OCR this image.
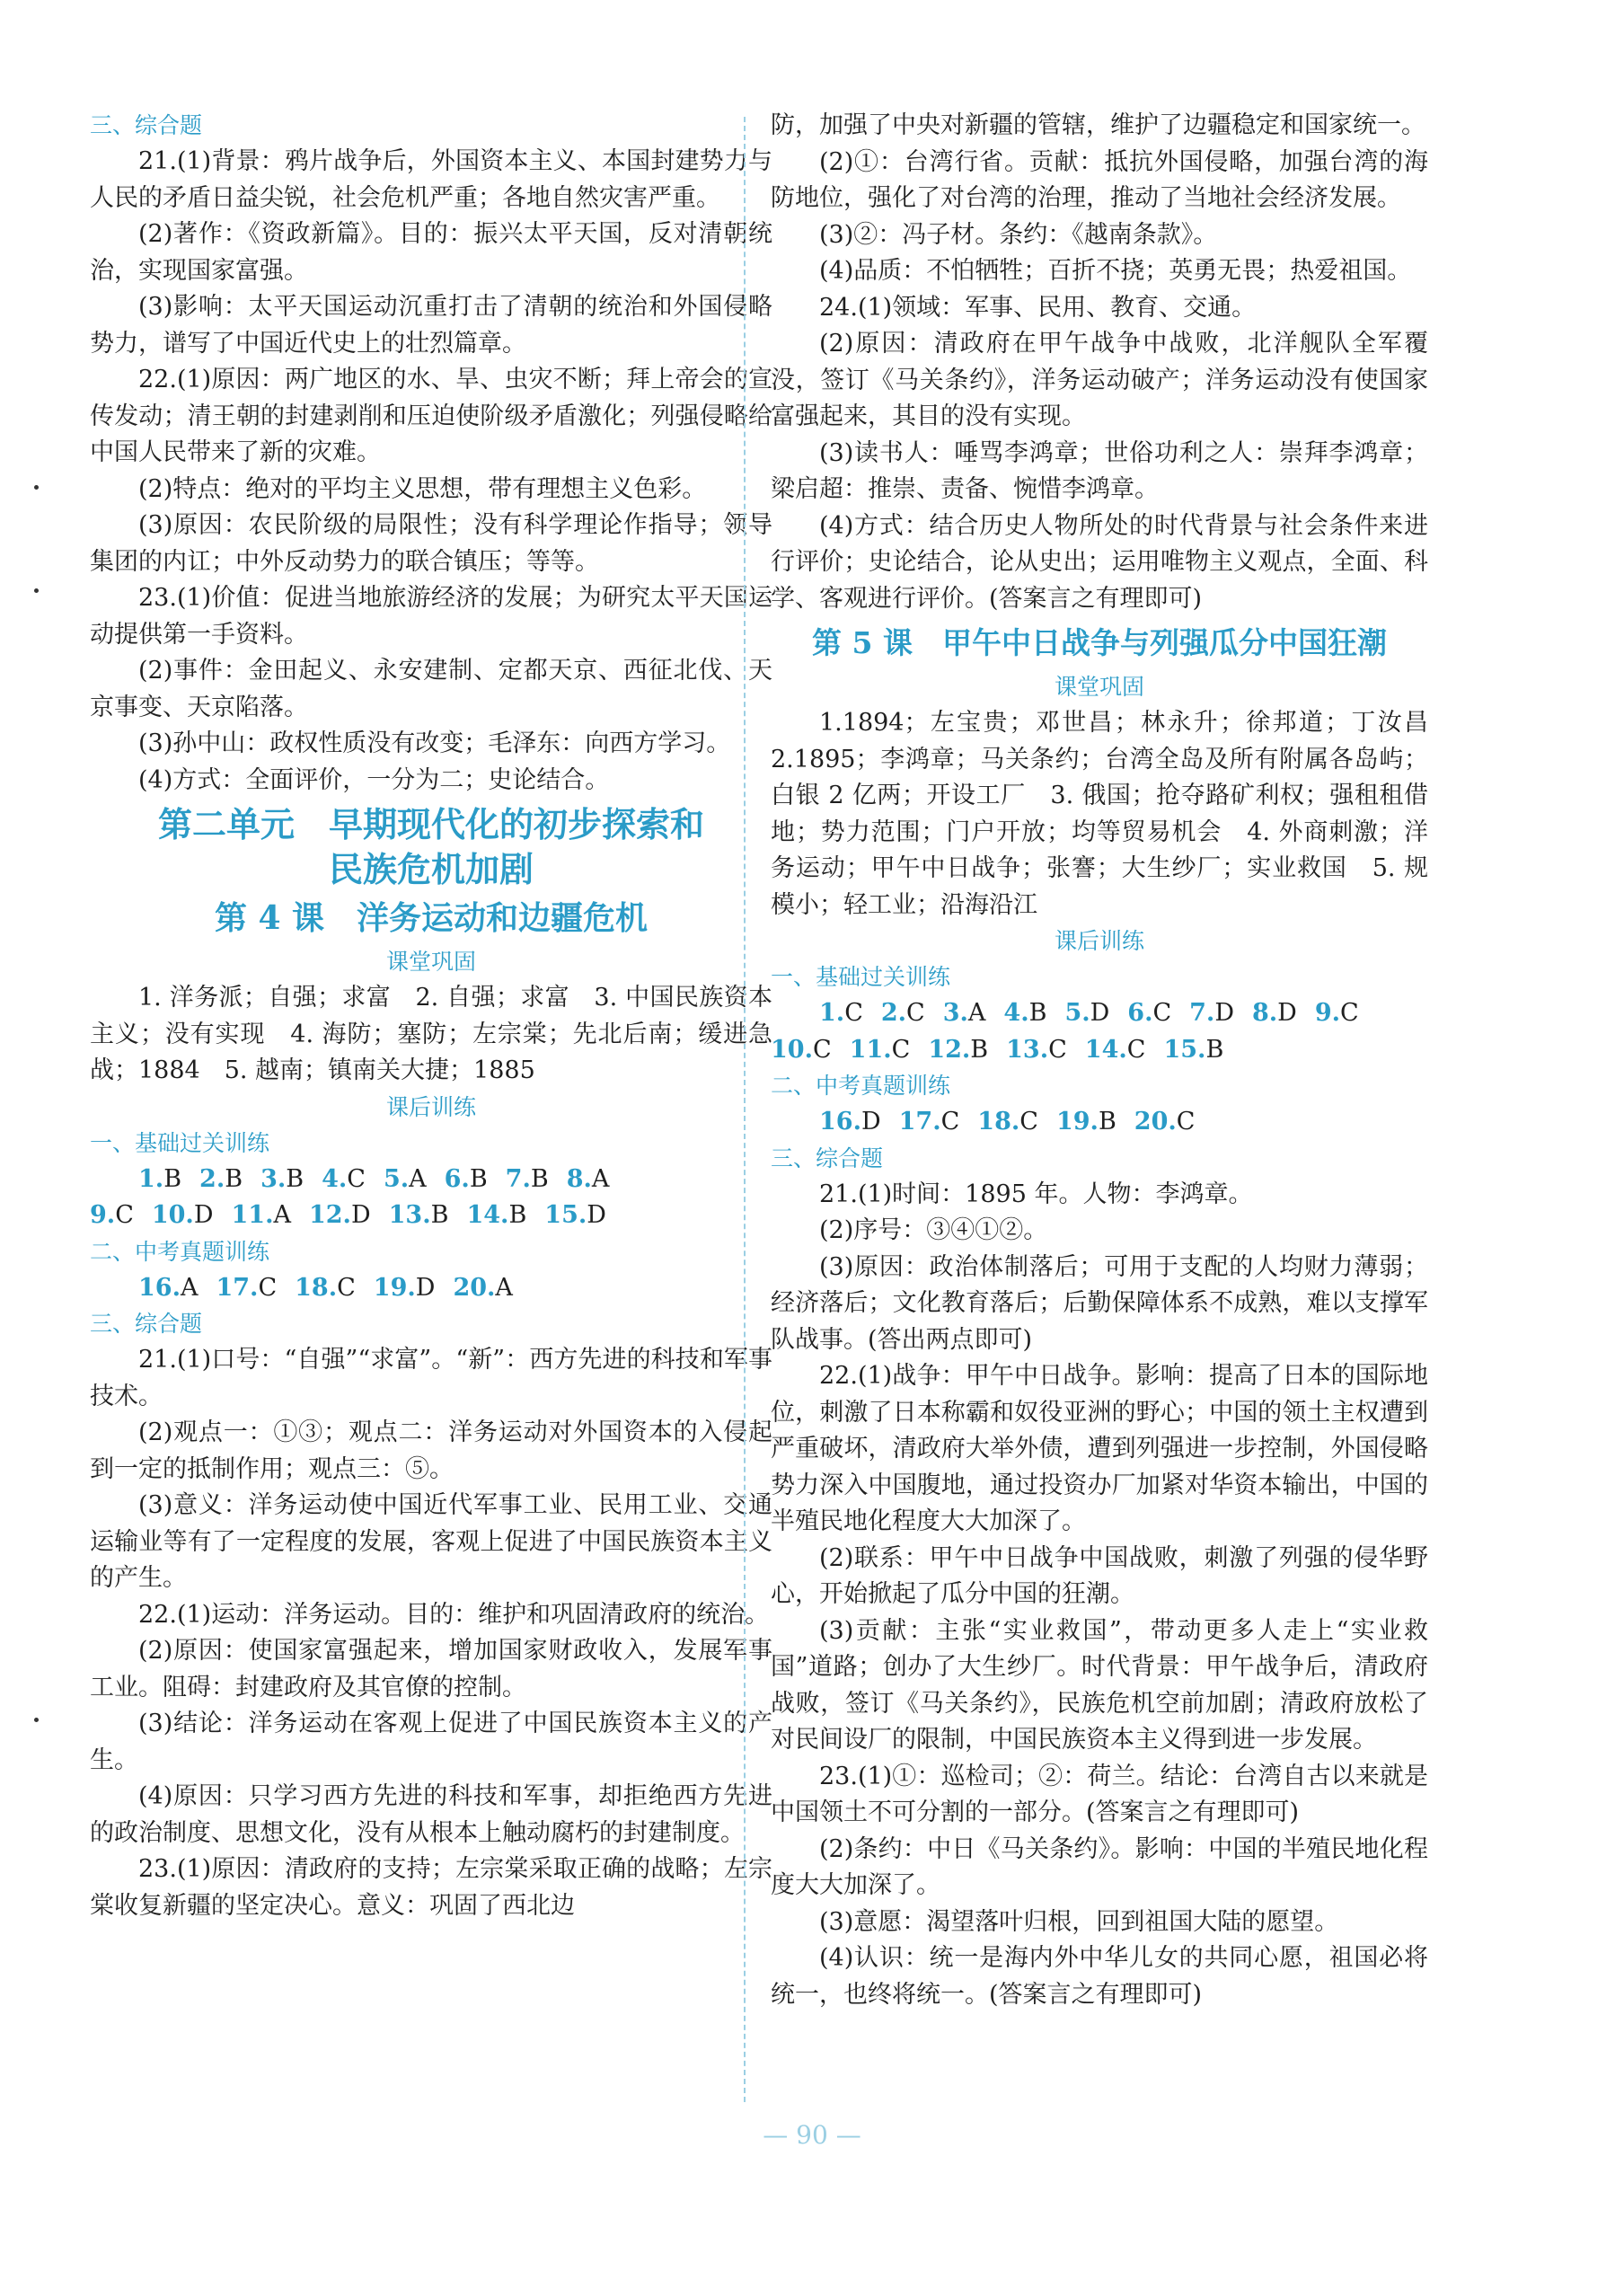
三、综合题

21.(1)背景：鸦片战争后，外国资本主义、本国封建势力与人民的矛盾日益尖锐，社会危机严重；各地自然灾害严重。

(2)著作：《资政新篇》。目的：振兴太平天国，反对清朝统治，实现国家富强。

(3)影响：太平天国运动沉重打击了清朝的统治和外国侵略势力，谱写了中国近代史上的壮烈篇章。

22.(1)原因：两广地区的水、旱、虫灾不断；拜上帝会的宣传发动；清王朝的封建剥削和压迫使阶级矛盾激化；列强侵略给中国人民带来了新的灾难。

(2)特点：绝对的平均主义思想，带有理想主义色彩。

(3)原因：农民阶级的局限性；没有科学理论作指导；领导集团的内讧；中外反动势力的联合镇压；等等。

23.(1)价值：促进当地旅游经济的发展；为研究太平天国运动提供第一手资料。

(2)事件：金田起义、永安建制、定都天京、西征北伐、天京事变、天京陷落。

(3)孙中山：政权性质没有改变；毛泽东：向西方学习。

(4)方式：全面评价，一分为二；史论结合。

第二单元　早期现代化的初步探索和

民族危机加剧

第 4 课　洋务运动和边疆危机

课堂巩固

1. 洋务派；自强；求富　2. 自强；求富　3. 中国民族资本主义；没有实现　4. 海防；塞防；左宗棠；先北后南；缓进急战；1884　5. 越南；镇南关大捷；1885

课后训练

一、基础过关训练

1.B 2.B 3.B 4.C 5.A 6.B 7.B 8.A

9.C 10.D 11.A 12.D 13.B 14.B 15.D

二、中考真题训练

16.A 17.C 18.C 19.D 20.A

三、综合题

21.(1)口号：“自强”“求富”。“新”：西方先进的科技和军事技术。

(2)观点一：①③；观点二：洋务运动对外国资本的入侵起到一定的抵制作用；观点三：⑤。

(3)意义：洋务运动使中国近代军事工业、民用工业、交通运输业等有了一定程度的发展，客观上促进了中国民族资本主义的产生。

22.(1)运动：洋务运动。目的：维护和巩固清政府的统治。

(2)原因：使国家富强起来，增加国家财政收入，发展军事工业。阻碍：封建政府及其官僚的控制。

(3)结论：洋务运动在客观上促进了中国民族资本主义的产生。

(4)原因：只学习西方先进的科技和军事，却拒绝西方先进的政治制度、思想文化，没有从根本上触动腐朽的封建制度。

23.(1)原因：清政府的支持；左宗棠采取正确的战略；左宗棠收复新疆的坚定决心。意义：巩固了西北边

防，加强了中央对新疆的管辖，维护了边疆稳定和国家统一。

(2)①：台湾行省。贡献：抵抗外国侵略，加强台湾的海防地位，强化了对台湾的治理，推动了当地社会经济发展。

(3)②：冯子材。条约：《越南条款》。

(4)品质：不怕牺牲；百折不挠；英勇无畏；热爱祖国。

24.(1)领域：军事、民用、教育、交通。

(2)原因：清政府在甲午战争中战败，北洋舰队全军覆没，签订《马关条约》，洋务运动破产；洋务运动没有使国家富强起来，其目的没有实现。

(3)读书人：唾骂李鸿章；世俗功利之人：崇拜李鸿章；梁启超：推崇、责备、惋惜李鸿章。

(4)方式：结合历史人物所处的时代背景与社会条件来进行评价；史论结合，论从史出；运用唯物主义观点，全面、科学、客观进行评价。(答案言之有理即可)

第 5 课　甲午中日战争与列强瓜分中国狂潮

课堂巩固

1.1894；左宝贵；邓世昌；林永升；徐邦道；丁汝昌　2.1895；李鸿章；马关条约；台湾全岛及所有附属各岛屿；白银 2 亿两；开设工厂　3. 俄国；抢夺路矿利权；强租租借地；势力范围；门户开放；均等贸易机会　4. 外商刺激；洋务运动；甲午中日战争；张謇；大生纱厂；实业救国　5. 规模小；轻工业；沿海沿江

课后训练

一、基础过关训练

1.C 2.C 3.A 4.B 5.D 6.C 7.D 8.D 9.C

10.C 11.C 12.B 13.C 14.C 15.B

二、中考真题训练

16.D 17.C 18.C 19.B 20.C

三、综合题

21.(1)时间：1895 年。人物：李鸿章。

(2)序号：③④①②。

(3)原因：政治体制落后；可用于支配的人均财力薄弱；经济落后；文化教育落后；后勤保障体系不成熟，难以支撑军队战事。(答出两点即可)

22.(1)战争：甲午中日战争。影响：提高了日本的国际地位，刺激了日本称霸和奴役亚洲的野心；中国的领土主权遭到严重破坏，清政府大举外债，遭到列强进一步控制，外国侵略势力深入中国腹地，通过投资办厂加紧对华资本输出，中国的半殖民地化程度大大加深了。

(2)联系：甲午中日战争中国战败，刺激了列强的侵华野心，开始掀起了瓜分中国的狂潮。

(3)贡献：主张“实业救国”，带动更多人走上“实业救国”道路；创办了大生纱厂。时代背景：甲午战争后，清政府战败，签订《马关条约》，民族危机空前加剧；清政府放松了对民间设厂的限制，中国民族资本主义得到进一步发展。

23.(1)①：巡检司；②：荷兰。结论：台湾自古以来就是中国领土不可分割的一部分。(答案言之有理即可)

(2)条约：中日《马关条约》。影响：中国的半殖民地化程度大大加深了。

(3)意愿：渴望落叶归根，回到祖国大陆的愿望。

(4)认识：统一是海内外中华儿女的共同心愿，祖国必将统一，也终将统一。(答案言之有理即可)

— 90 —
